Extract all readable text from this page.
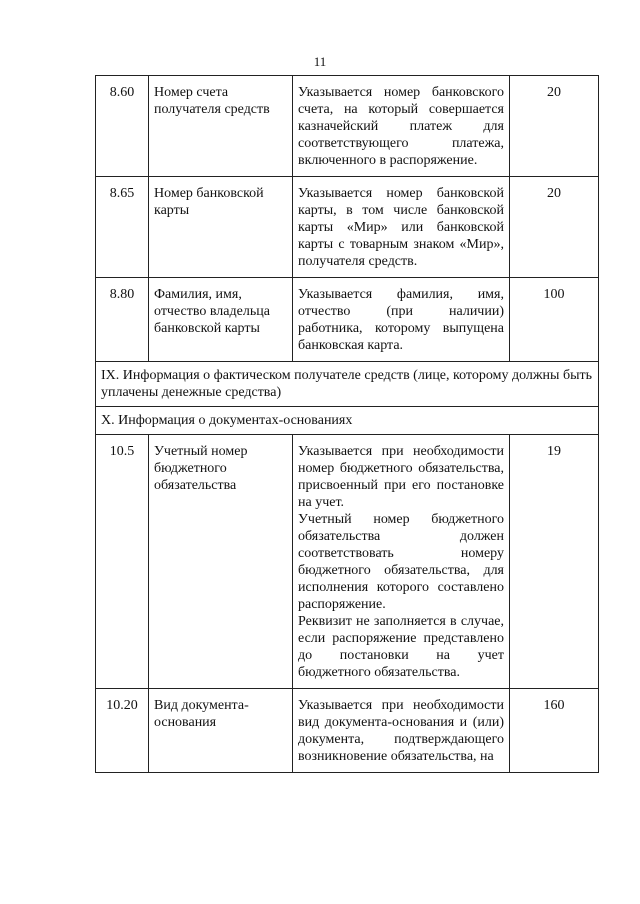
11
8.60	Номер счета получателя средств	Указывается номер банковского счета, на который совершается казначейский платеж для соответствующего платежа, включенного в распоряжение.	20
8.65	Номер банковской карты	Указывается номер банковской карты, в том числе банковской карты «Мир» или банковской карты с товарным знаком «Мир», получателя средств.	20
8.80	Фамилия, имя, отчество владельца банковской карты	Указывается фамилия, имя, отчество (при наличии) работника, которому выпущена банковская карта.	100
IX. Информация о фактическом получателе средств (лице, которому должны быть уплачены денежные средства)			
X. Информация о документах-основаниях			
10.5	Учетный номер бюджетного обязательства	Указывается при необходимости номер бюджетного обязательства, присвоенный при его постановке на учет.

Учетный номер бюджетного обязательства должен соответствовать номеру бюджетного обязательства, для исполнения которого составлено распоряжение.

Реквизит не заполняется в случае, если распоряжение представлено до постановки на учет бюджетного обязательства.	19
10.20	Вид документа-основания	Указывается при необходимости вид документа-основания и (или) документа, подтверждающего возникновение обязательства, на	160
